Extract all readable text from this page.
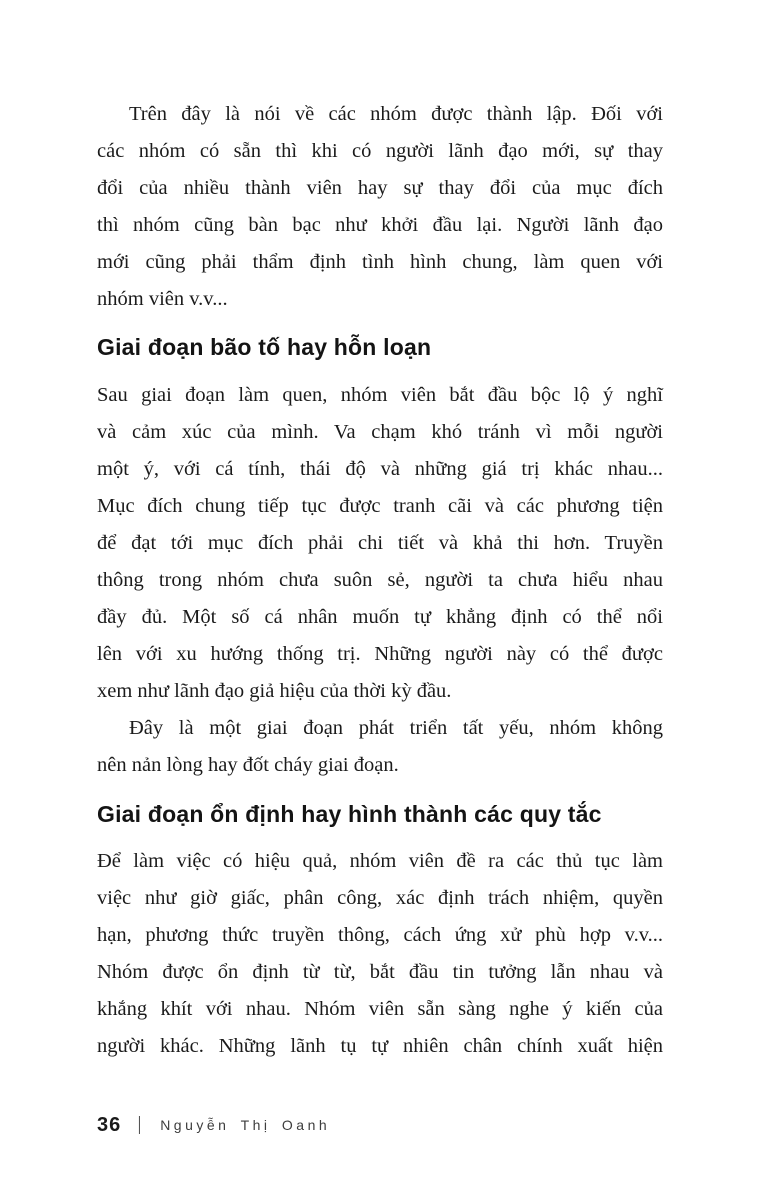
Trên đây là nói về các nhóm được thành lập. Đối với
các nhóm có sẵn thì khi có người lãnh đạo mới, sự thay
đổi của nhiều thành viên hay sự thay đổi của mục đích
thì nhóm cũng bàn bạc như khởi đầu lại. Người lãnh đạo
mới cũng phải thẩm định tình hình chung, làm quen với
nhóm viên v.v...
Giai đoạn bão tố hay hỗn loạn
Sau giai đoạn làm quen, nhóm viên bắt đầu bộc lộ ý nghĩ
và cảm xúc của mình. Va chạm khó tránh vì mỗi người
một ý, với cá tính, thái độ và những giá trị khác nhau...
Mục đích chung tiếp tục được tranh cãi và các phương tiện
để đạt tới mục đích phải chi tiết và khả thi hơn. Truyền
thông trong nhóm chưa suôn sẻ, người ta chưa hiểu nhau
đầy đủ. Một số cá nhân muốn tự khẳng định có thể nổi
lên với xu hướng thống trị. Những người này có thể được
xem như lãnh đạo giả hiệu của thời kỳ đầu.
Đây là một giai đoạn phát triển tất yếu, nhóm không
nên nản lòng hay đốt cháy giai đoạn.
Giai đoạn ổn định hay hình thành các quy tắc
Để làm việc có hiệu quả, nhóm viên đề ra các thủ tục làm
việc như giờ giấc, phân công, xác định trách nhiệm, quyền
hạn, phương thức truyền thông, cách ứng xử phù hợp v.v...
Nhóm được ổn định từ từ, bắt đầu tin tưởng lẫn nhau và
khắng khít với nhau. Nhóm viên sẵn sàng nghe ý kiến của
người khác. Những lãnh tụ tự nhiên chân chính xuất hiện
36 | Nguyễn Thị Oanh
